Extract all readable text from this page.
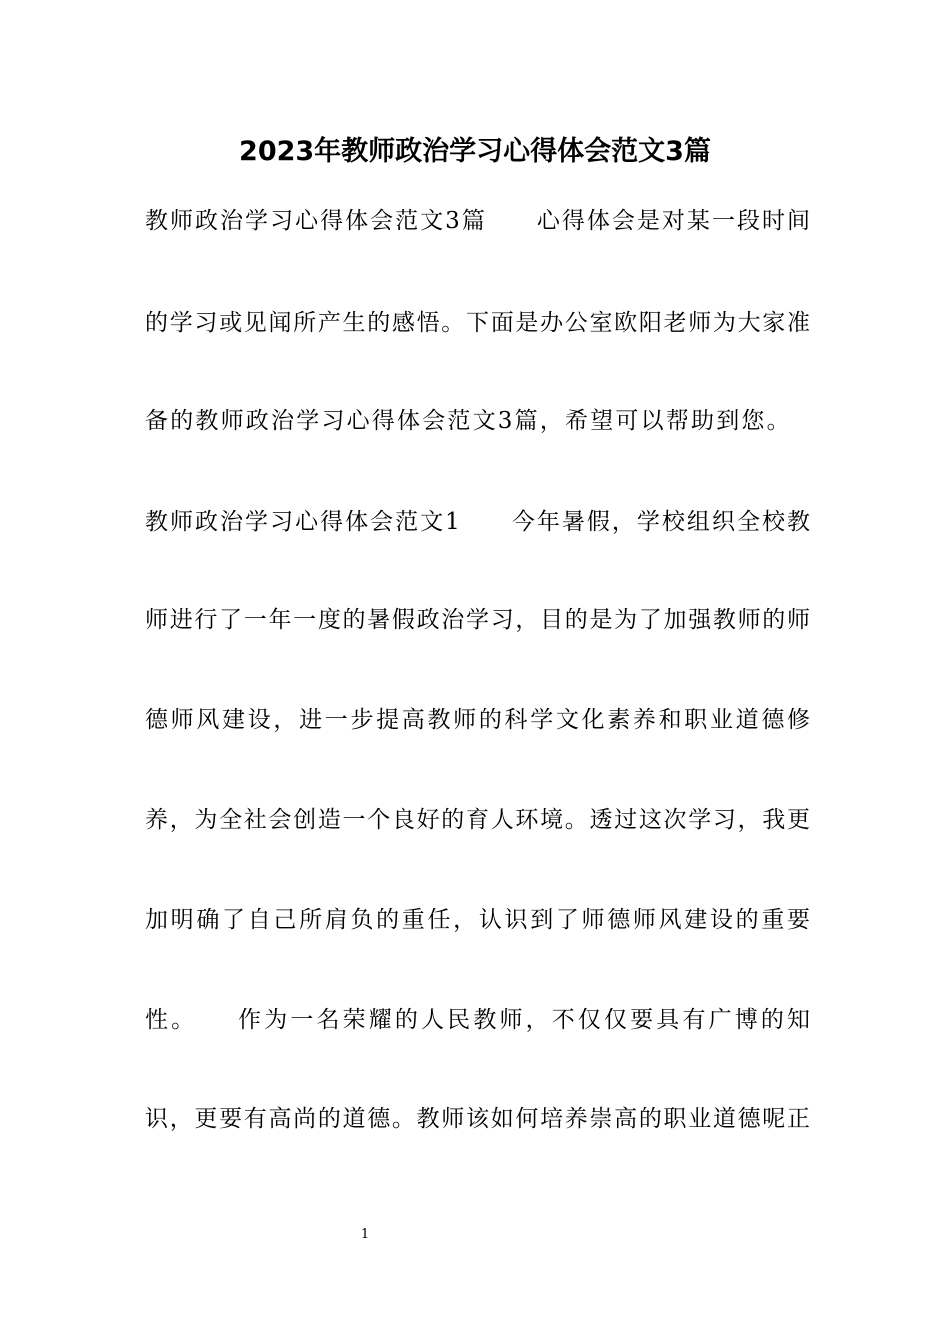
2023年教师政治学习心得体会范文3篇
教师政治学习心得体会范文3篇　　心得体会是对某一段时间
的学习或见闻所产生的感悟。下面是办公室欧阳老师为大家准
备的教师政治学习心得体会范文3篇，希望可以帮助到您。
教师政治学习心得体会范文1　　今年暑假，学校组织全校教
师进行了一年一度的暑假政治学习，目的是为了加强教师的师
德师风建设，进一步提高教师的科学文化素养和职业道德修
养，为全社会创造一个良好的育人环境。透过这次学习，我更
加明确了自己所肩负的重任，认识到了师德师风建设的重要
性。　　作为一名荣耀的人民教师，不仅仅要具有广博的知
识，更要有高尚的道德。教师该如何培养崇高的职业道德呢正
1
